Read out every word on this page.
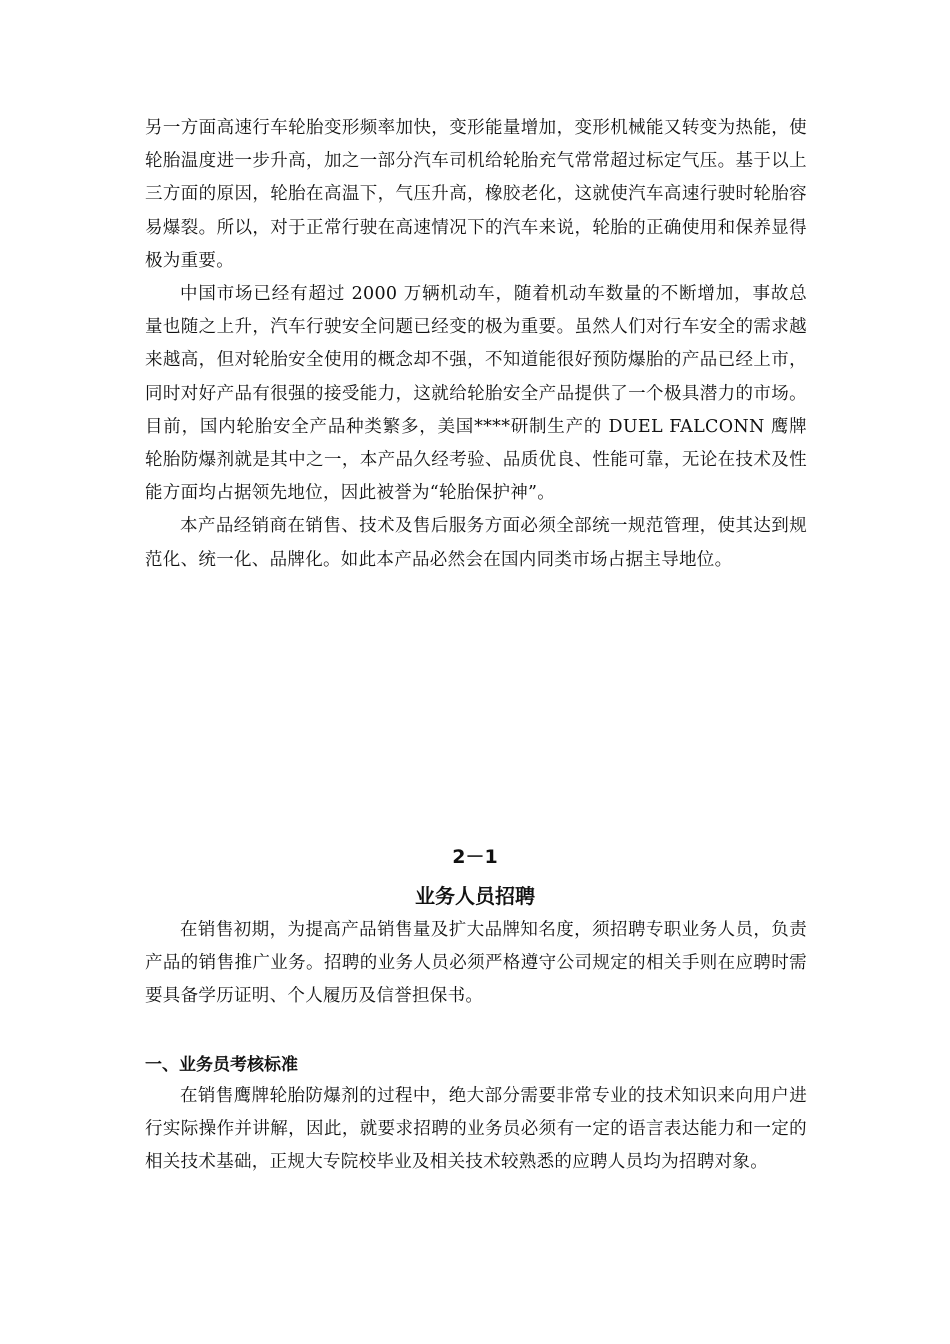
另一方面高速行车轮胎变形频率加快，变形能量增加，变形机械能又转变为热能，使轮胎温度进一步升高，加之一部分汽车司机给轮胎充气常常超过标定气压。基于以上三方面的原因，轮胎在高温下，气压升高，橡胶老化，这就使汽车高速行驶时轮胎容易爆裂。所以，对于正常行驶在高速情况下的汽车来说，轮胎的正确使用和保养显得极为重要。

中国市场已经有超过 2000 万辆机动车，随着机动车数量的不断增加，事故总量也随之上升，汽车行驶安全问题已经变的极为重要。虽然人们对行车安全的需求越来越高，但对轮胎安全使用的概念却不强，不知道能很好预防爆胎的产品已经上市，同时对好产品有很强的接受能力，这就给轮胎安全产品提供了一个极具潜力的市场。目前，国内轮胎安全产品种类繁多，美国****研制生产的 DUEL FALCONN 鹰牌轮胎防爆剂就是其中之一，本产品久经考验、品质优良、性能可靠，无论在技术及性能方面均占据领先地位，因此被誉为“轮胎保护神”。

本产品经销商在销售、技术及售后服务方面必须全部统一规范管理，使其达到规范化、统一化、品牌化。如此本产品必然会在国内同类市场占据主导地位。

2－1

业务人员招聘

在销售初期，为提高产品销售量及扩大品牌知名度，须招聘专职业务人员，负责产品的销售推广业务。招聘的业务人员必须严格遵守公司规定的相关手则在应聘时需要具备学历证明、个人履历及信誉担保书。

一、业务员考核标准

在销售鹰牌轮胎防爆剂的过程中，绝大部分需要非常专业的技术知识来向用户进行实际操作并讲解，因此，就要求招聘的业务员必须有一定的语言表达能力和一定的相关技术基础，正规大专院校毕业及相关技术较熟悉的应聘人员均为招聘对象。
